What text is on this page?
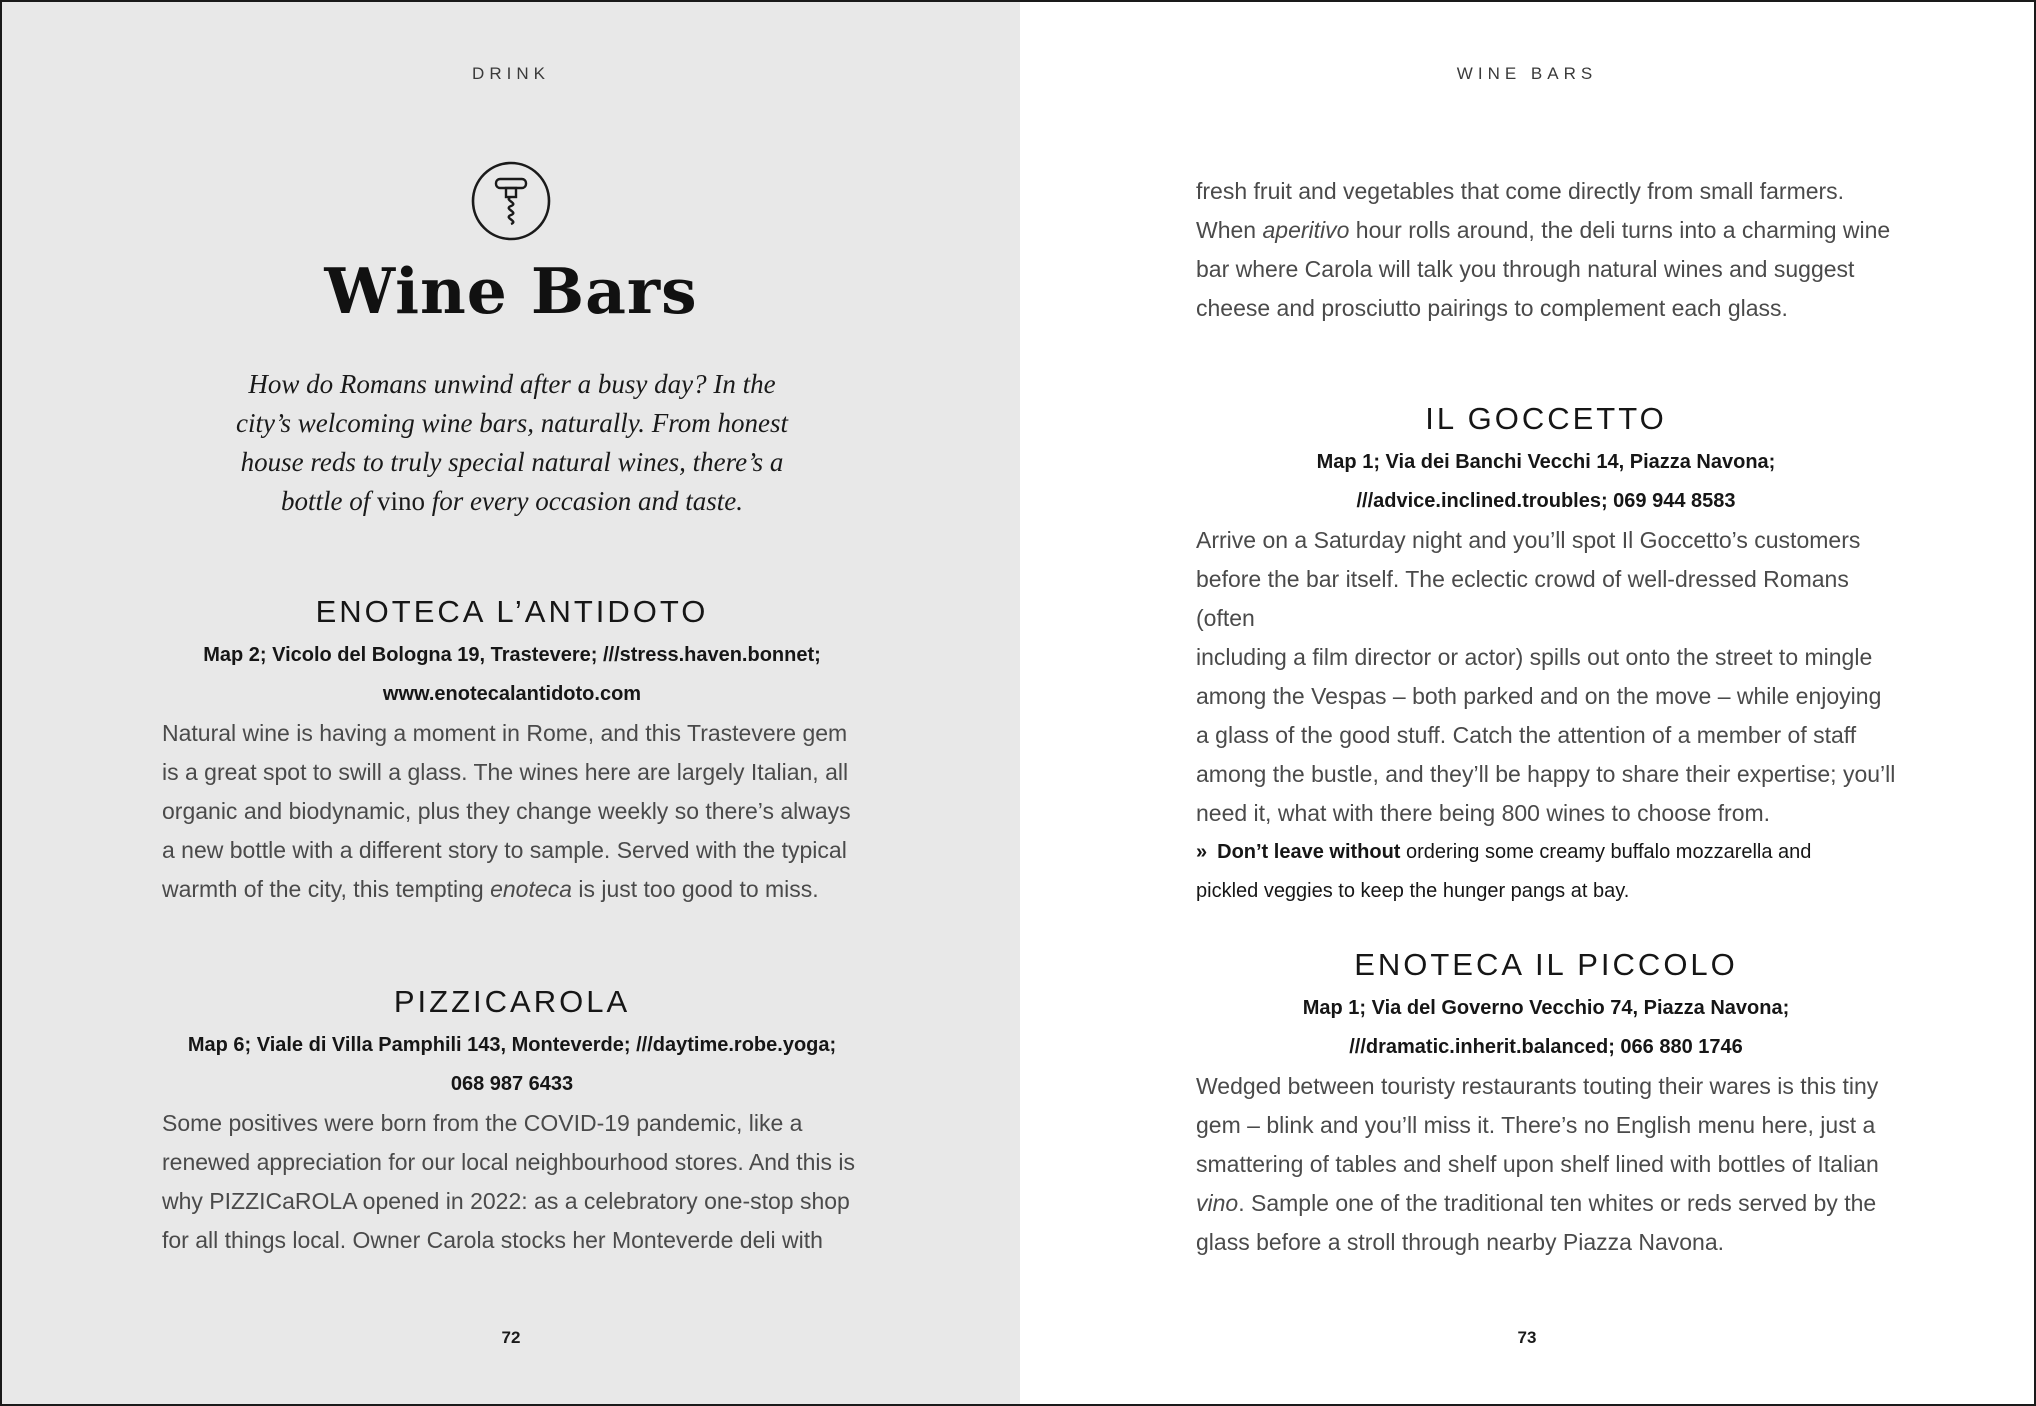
DRINK
Wine Bars
How do Romans unwind after a busy day? In the
city’s welcoming wine bars, naturally. From honest
house reds to truly special natural wines, there’s a
bottle of vino for every occasion and taste.
ENOTECA L’ANTIDOTO
Map 2; Vicolo del Bologna 19, Trastevere; ///stress.haven.bonnet;
www.enotecalantidoto.com
Natural wine is having a moment in Rome, and this Trastevere gem
is a great spot to swill a glass. The wines here are largely Italian, all
organic and biodynamic, plus they change weekly so there’s always
a new bottle with a different story to sample. Served with the typical
warmth of the city, this tempting enoteca is just too good to miss.
PIZZICAROLA
Map 6; Viale di Villa Pamphili 143, Monteverde; ///daytime.robe.yoga;
068 987 6433
Some positives were born from the COVID-19 pandemic, like a
renewed appreciation for our local neighbourhood stores. And this is
why PIZZICaROLA opened in 2022: as a celebratory one-stop shop
for all things local. Owner Carola stocks her Monteverde deli with
72
WINE BARS
fresh fruit and vegetables that come directly from small farmers.
When aperitivo hour rolls around, the deli turns into a charming wine
bar where Carola will talk you through natural wines and suggest
cheese and prosciutto pairings to complement each glass.
IL GOCCETTO
Map 1; Via dei Banchi Vecchi 14, Piazza Navona;
///advice.inclined.troubles; 069 944 8583
Arrive on a Saturday night and you’ll spot Il Goccetto’s customers
before the bar itself. The eclectic crowd of well-dressed Romans (often
including a film director or actor) spills out onto the street to mingle
among the Vespas – both parked and on the move – while enjoying
a glass of the good stuff. Catch the attention of a member of staff
among the bustle, and they’ll be happy to share their expertise; you’ll
need it, what with there being 800 wines to choose from.
» Don’t leave without ordering some creamy buffalo mozzarella and
pickled veggies to keep the hunger pangs at bay.
ENOTECA IL PICCOLO
Map 1; Via del Governo Vecchio 74, Piazza Navona;
///dramatic.inherit.balanced; 066 880 1746
Wedged between touristy restaurants touting their wares is this tiny
gem – blink and you’ll miss it. There’s no English menu here, just a
smattering of tables and shelf upon shelf lined with bottles of Italian
vino. Sample one of the traditional ten whites or reds served by the
glass before a stroll through nearby Piazza Navona.
73
